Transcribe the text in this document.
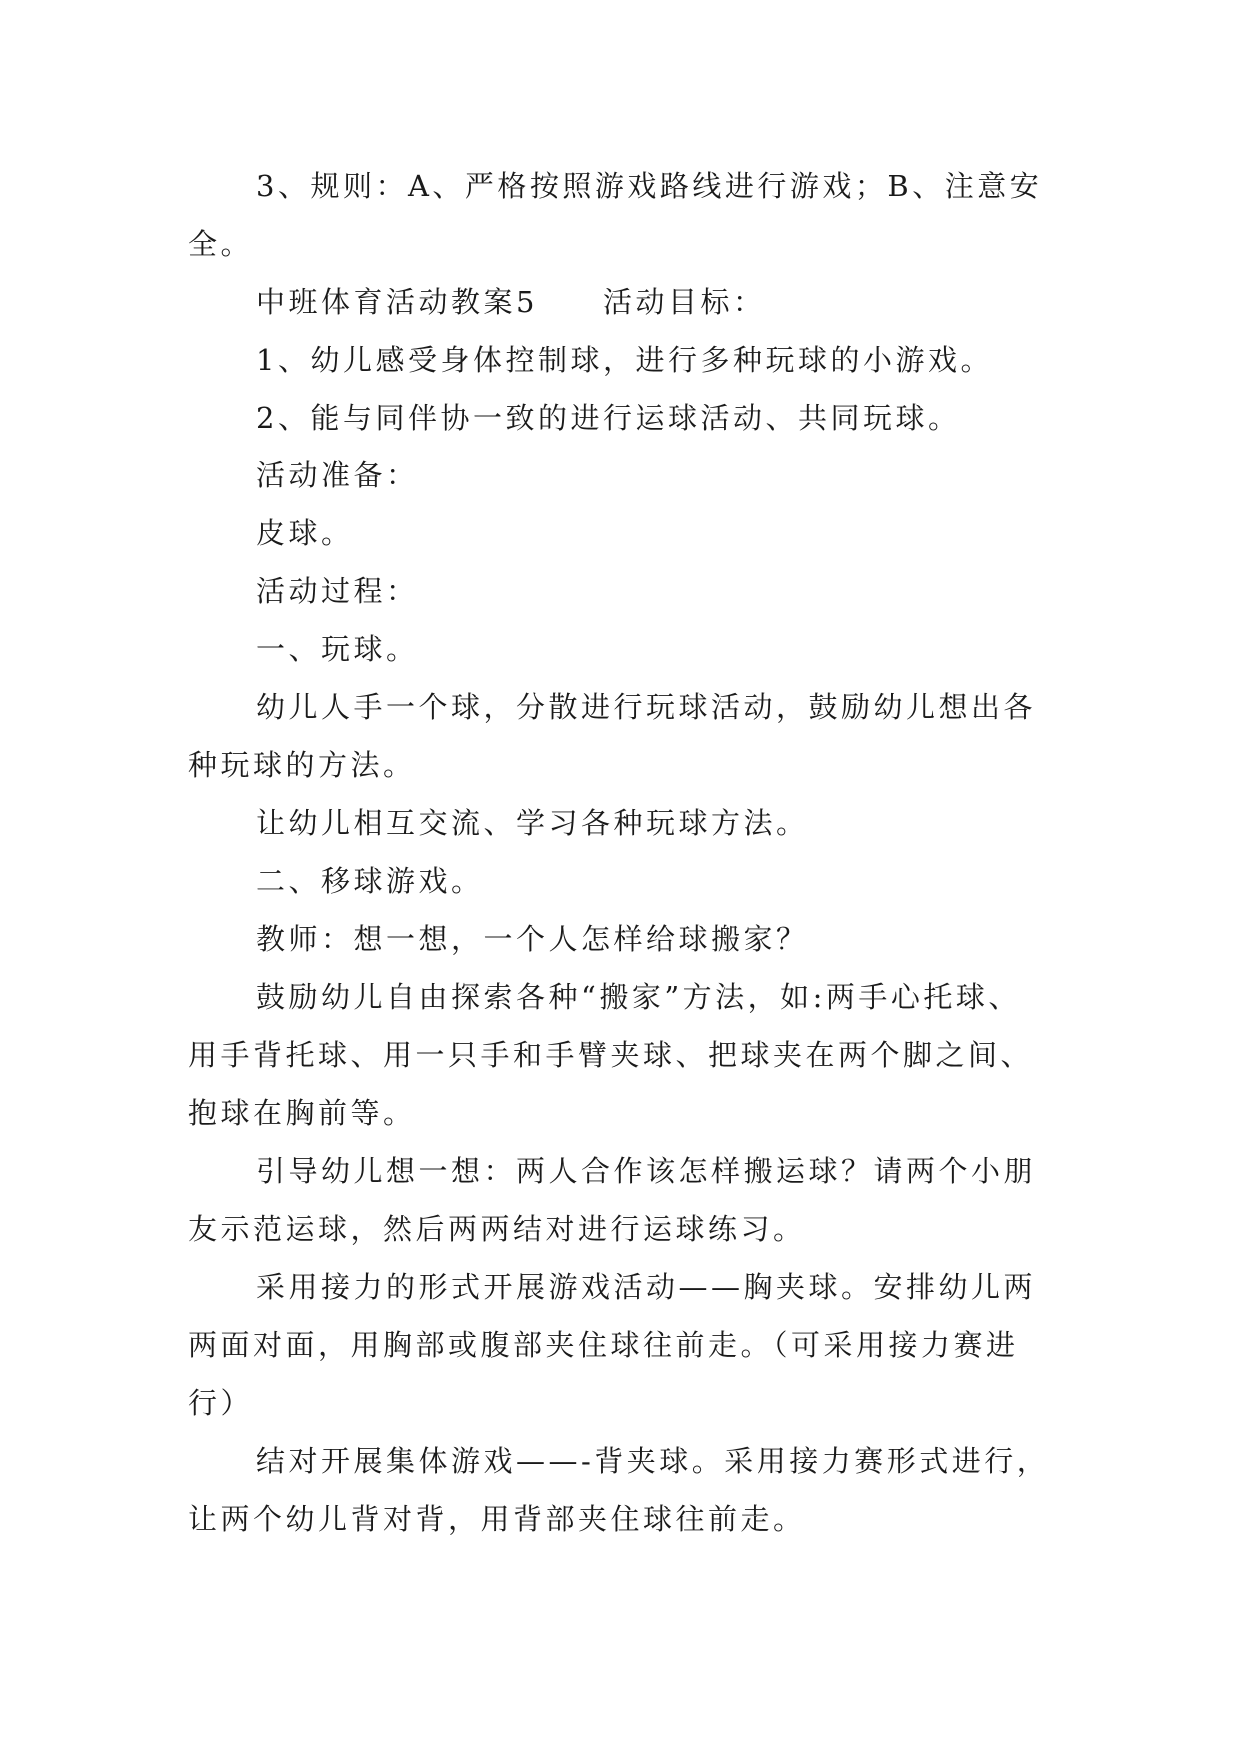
3、规则：A、严格按照游戏路线进行游戏；B、注意安
全。
中班体育活动教案5　　活动目标：
1、幼儿感受身体控制球，进行多种玩球的小游戏。
2、能与同伴协一致的进行运球活动、共同玩球。
活动准备：
皮球。
活动过程：
一、玩球。
幼儿人手一个球，分散进行玩球活动，鼓励幼儿想出各
种玩球的方法。
让幼儿相互交流、学习各种玩球方法。
二、移球游戏。
教师：想一想，一个人怎样给球搬家？
鼓励幼儿自由探索各种“搬家”方法，如:两手心托球、
用手背托球、用一只手和手臂夹球、把球夹在两个脚之间、
抱球在胸前等。
引导幼儿想一想：两人合作该怎样搬运球？请两个小朋
友示范运球，然后两两结对进行运球练习。
采用接力的形式开展游戏活动——胸夹球。安排幼儿两
两面对面，用胸部或腹部夹住球往前走。（可采用接力赛进
行）
结对开展集体游戏——-背夹球。采用接力赛形式进行，
让两个幼儿背对背，用背部夹住球往前走。
